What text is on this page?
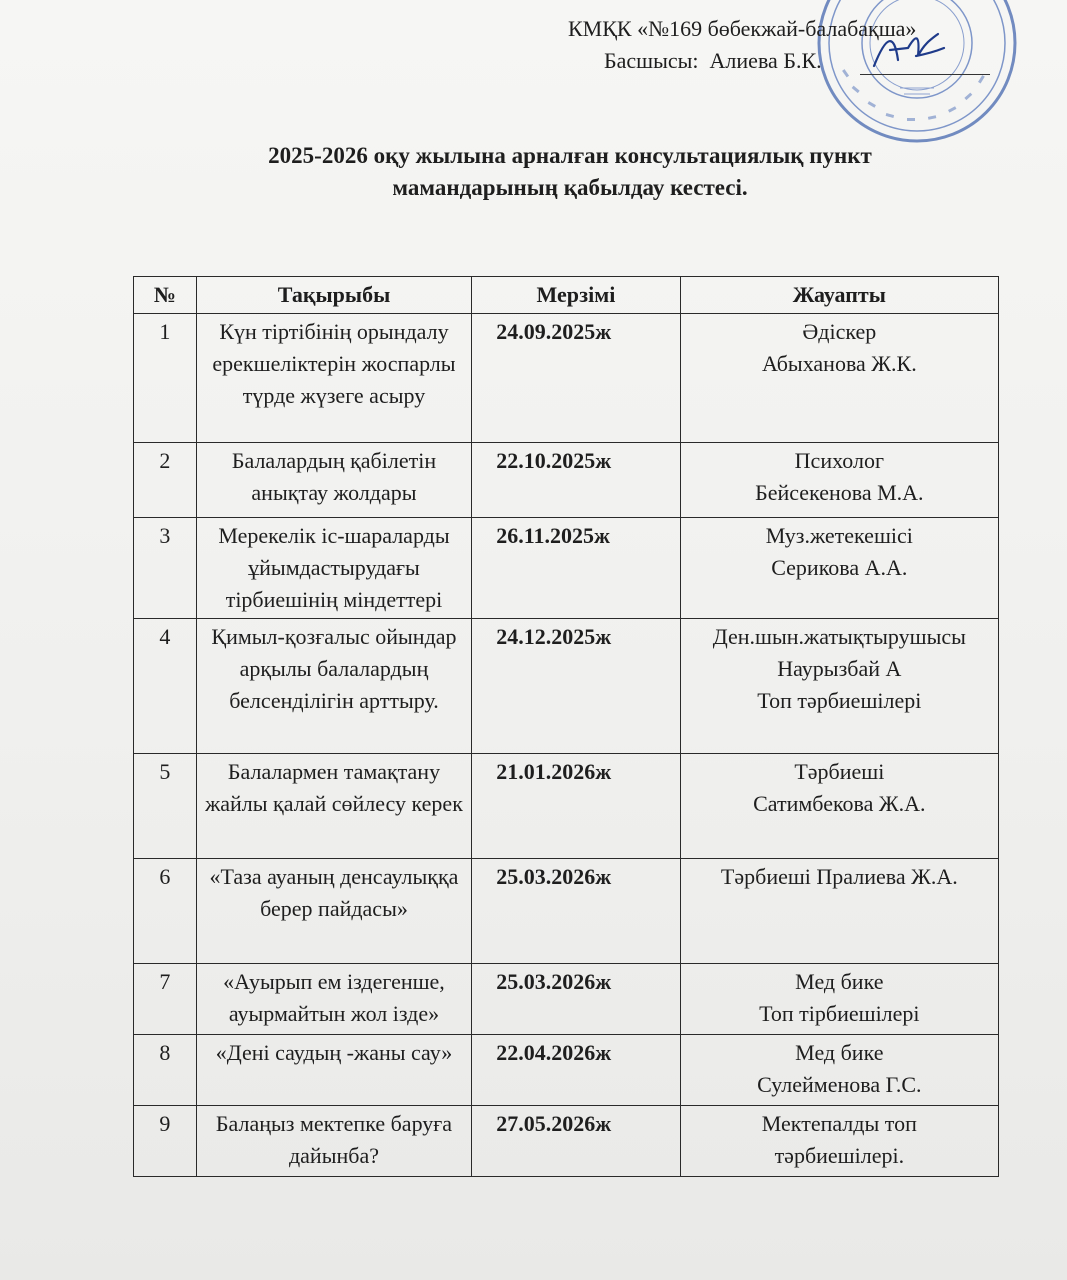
КМҚК «№169 бөбекжай-балабақша»
Басшысы: Алиева Б.К.
2025-2026 оқу жылына арналған консультациялық пункт
мамандарының қабылдау кестесі.
№	Тақырыбы	Мерзімі	Жауапты
1	Күн тіртібінің орындалу ерекшеліктерін жоспарлы түрде жүзеге асыру	24.09.2025ж	Әдіскер
Абыханова Ж.К.

2	Балалардың қабілетін анықтау жолдары	22.10.2025ж	Психолог
Бейсекенова М.А.

3	Мерекелік іс-шараларды ұйымдастырудағы тірбиешінің міндеттері	26.11.2025ж	Муз.жетекешісі
Серикова А.А.

4	Қимыл-қозғалыс ойындар арқылы балалардың белсенділігін арттыру.	24.12.2025ж	Ден.шын.жатықтырушысы
Наурызбай А
Топ тәрбиешілері

5	Балалармен тамақтану жайлы қалай сөйлесу керек	21.01.2026ж	Тәрбиеші
Сатимбекова Ж.А.

6	«Таза ауаның денсаулыққа берер пайдасы»	25.03.2026ж	Тәрбиеші Пралиева Ж.А.

7	«Ауырып ем іздегенше, ауырмайтын жол ізде»	25.03.2026ж	Мед бике
Топ тірбиешілері

8	«Дені саудың -жаны сау»	22.04.2026ж	Мед бике
Сулейменова Г.С.

9	Балаңыз мектепке баруға дайынба?	27.05.2026ж	Мектепалды топ
тәрбиешілері.
